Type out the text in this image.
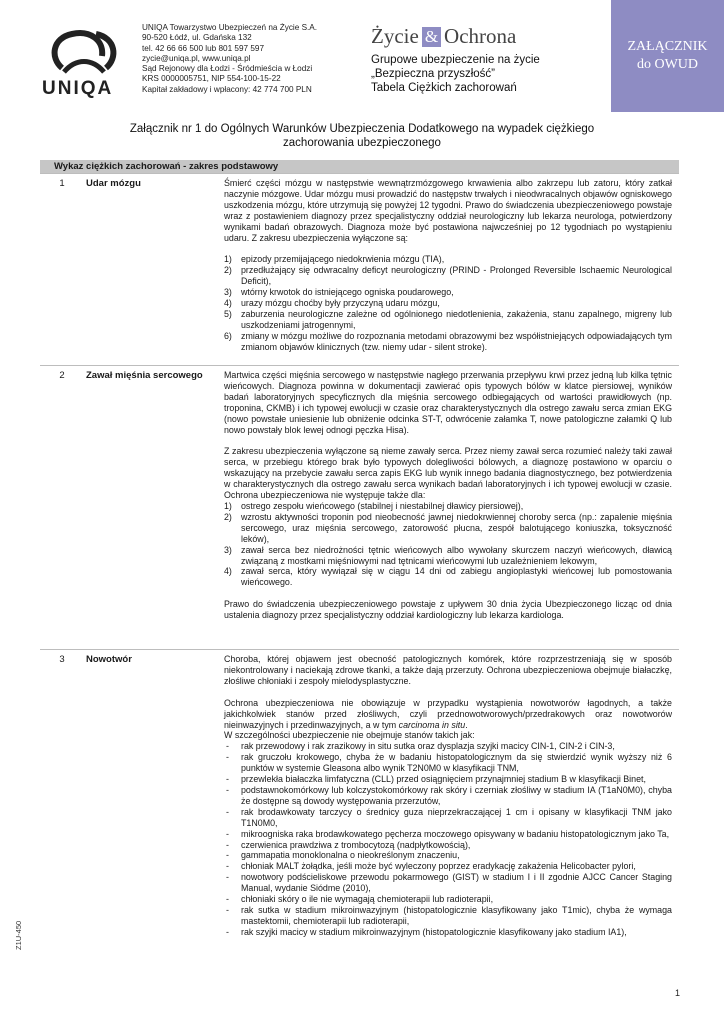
UNIQA
UNIQA Towarzystwo Ubezpieczeń na Życie S.A.
90-520 Łódź, ul. Gdańska 132
tel. 42 66 66 500 lub 801 597 597
zycie@uniqa.pl, www.uniqa.pl
Sąd Rejonowy dla Łodzi - Śródmieścia w Łodzi
KRS 0000005751, NIP 554-100-15-22
Kapitał zakładowy i wpłacony: 42 774 700 PLN
Życie & Ochrona
Grupowe ubezpieczenie na życie
„Bezpieczna przyszłość”
Tabela Ciężkich zachorowań
ZAŁĄCZNIK
do OWUD
Załącznik nr 1 do Ogólnych Warunków Ubezpieczenia Dodatkowego na wypadek ciężkiego
zachorowania ubezpieczonego
Wykaz ciężkich zachorowań - zakres podstawowy
1	Udar mózgu	Śmierć części mózgu w następstwie wewnątrzmózgowego krwawienia albo zakrzepu lub zatoru, który zatkał naczynie mózgowe. Udar mózgu musi prowadzić do następstw trwałych i nieodwracalnych objawów ogniskowego uszkodzenia mózgu, które utrzymują się powyżej 12 tygodni. Prawo do świadczenia ubezpieczeniowego powstaje wraz z postawieniem diagnozy przez specjalistyczny oddział neurologiczny lub lekarza neurologa, potwierdzony wynikami badań obrazowych. Diagnoza może być postawiona najwcześniej po 12 tygodniach po wystąpieniu udaru. Z zakresu ubezpieczenia wyłączone są:

1) epizody przemijającego niedokrwienia mózgu (TIA),
2) przedłużający się odwracalny deficyt neurologiczny (PRIND - Prolonged Reversible Ischaemic Neurological Deficit),
3) wtórny krwotok do istniejącego ogniska poudarowego,
4) urazy mózgu choćby były przyczyną udaru mózgu,
5) zaburzenia neurologiczne zależne od ogólnionego niedotlenienia, zakażenia, stanu zapalnego, migreny lub uszkodzeniami jatrogennymi,
6) zmiany w mózgu możliwe do rozpoznania metodami obrazowymi bez współistniejących odpowiadających tym zmianom objawów klinicznych (tzw. niemy udar - silent stroke).
2	Zawał mięśnia sercowego	Martwica części mięśnia sercowego w następstwie nagłego przerwania przepływu krwi przez jedną lub kilka tętnic wieńcowych. Diagnoza powinna w dokumentacji zawierać opis typowych bólów w klatce piersiowej, wyników badań laboratoryjnych specyficznych dla mięśnia sercowego odbiegających od wartości prawidłowych (np. troponina, CKMB) i ich typowej ewolucji w czasie oraz charakterystycznych dla ostrego zawału serca zmian EKG (nowo powstałe uniesienie lub obniżenie odcinka ST-T, odwrócenie załamka T, nowe patologiczne załamki Q lub nowo powstały blok lewej odnogi pęczka Hisa).

Z zakresu ubezpieczenia wyłączone są nieme zawały serca. Przez niemy zawał serca rozumieć należy taki zawał serca, w przebiegu którego brak było typowych dolegliwości bólowych, a diagnozę postawiono w oparciu o wskazujący na przebycie zawału serca zapis EKG lub wynik innego badania diagnostycznego, bez potwierdzenia w charakterystycznych dla ostrego zawału serca wynikach badań laboratoryjnych i ich typowej ewolucji w czasie. Ochrona ubezpieczeniowa nie występuje także dla:

1) ostrego zespołu wieńcowego (stabilnej i niestabilnej dławicy piersiowej),
2) wzrostu aktywności troponin pod nieobecność jawnej niedokrwiennej choroby serca (np.: zapalenie mięśnia sercowego, uraz mięśnia sercowego, zatorowość płucna, zespół balotującego koniuszka, toksyczność leków),
3) zawał serca bez niedrożności tętnic wieńcowych albo wywołany skurczem naczyń wieńcowych, dławicą związaną z mostkami mięśniowymi nad tętnicami wieńcowymi lub uzależnieniem lekowym,
4) zawał serca, który wywiązał się w ciągu 14 dni od zabiegu angioplastyki wieńcowej lub pomostowania wieńcowego.

Prawo do świadczenia ubezpieczeniowego powstaje z upływem 30 dnia życia Ubezpieczonego licząc od dnia ustalenia diagnozy przez specjalistyczny oddział kardiologiczny lub lekarza kardiologa.

3	Nowotwór	Choroba, której objawem jest obecność patologicznych komórek, które rozprzestrzeniają się w sposób niekontrolowany i naciekają zdrowe tkanki, a także dają przerzuty. Ochrona ubezpieczeniowa obejmuje białaczkę, złośliwe chłoniaki i zespoły mielodysplastyczne.

Ochrona ubezpieczeniowa nie obowiązuje w przypadku wystąpienia nowotworów łagodnych, a także jakichkolwiek stanów przed złośliwych, czyli przednowotworowych/przedrakowych oraz nowotworów nieinwazyjnych i przedinwazyjnych, a w tym carcinoma in situ.

W szczególności ubezpieczenie nie obejmuje stanów takich jak:

- rak przewodowy i rak zrazikowy in situ sutka oraz dysplazja szyjki macicy CIN-1, CIN-2 i CIN-3,
- rak gruczołu krokowego, chyba że w badaniu histopatologicznym da się stwierdzić wynik wyższy niż 6 punktów w systemie Gleasona albo wynik T2N0M0 w klasyfikacji TNM,
- przewlekła białaczka limfatyczna (CLL) przed osiągnięciem przynajmniej stadium B w klasyfikacji Binet,
- podstawnokomórkowy lub kolczystokomórkowy rak skóry i czerniak złośliwy w stadium IA (T1aN0M0), chyba że dostępne są dowody występowania przerzutów,
- rak brodawkowaty tarczycy o średnicy guza nieprzekraczającej 1 cm i opisany w klasyfikacji TNM jako T1N0M0,
- mikroogniska raka brodawkowatego pęcherza moczowego opisywany w badaniu histopatologicznym jako Ta,
- czerwienica prawdziwa z trombocytozą (nadpłytkowością),
- gammapatia monoklonalna o nieokreślonym znaczeniu,
- chłoniak MALT żołądka, jeśli może być wyleczony poprzez eradykację zakażenia Helicobacter pylori,
- nowotwory podścieliskowe przewodu pokarmowego (GIST) w stadium I i II zgodnie AJCC Cancer Staging Manual, wydanie Siódme (2010),
- chłoniaki skóry o ile nie wymagają chemioterapii lub radioterapii,
- rak sutka w stadium mikroinwazyjnym (histopatologicznie klasyfikowany jako T1mic), chyba że wymaga mastektomii, chemioterapii lub radioterapii,
- rak szyjki macicy w stadium mikroinwazyjnym (histopatologicznie klasyfikowany jako stadium IA1),
Z1U-450
1
